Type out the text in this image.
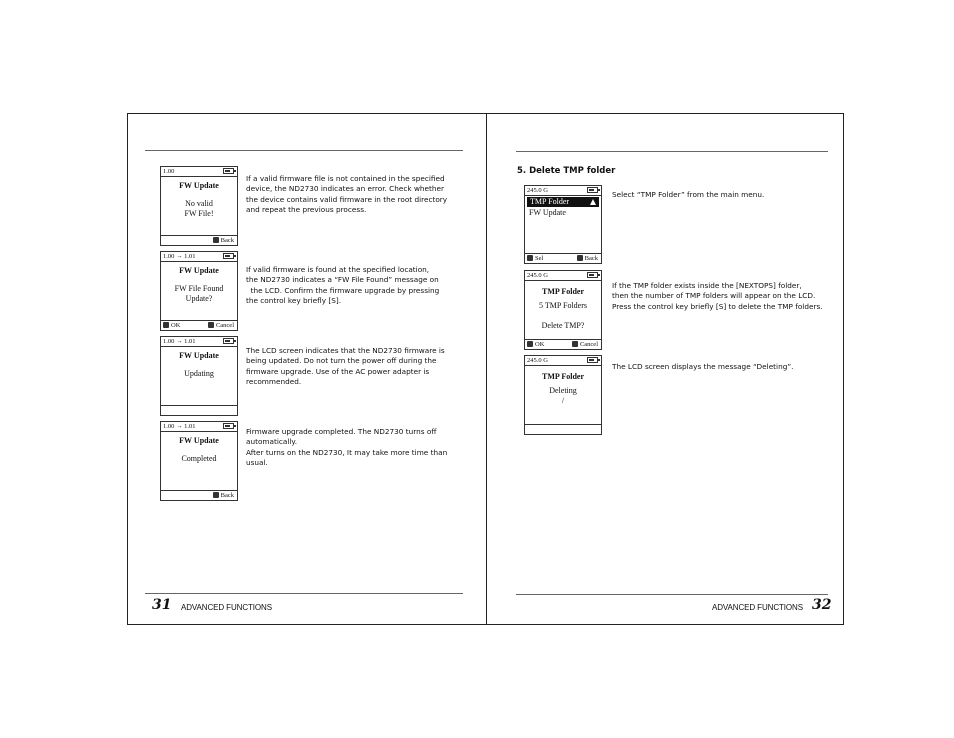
1.00
FW Update
No valid
FW File!
Back
If a valid firmware file is not contained in the specified
device, the ND2730 indicates an error. Check whether
the device contains valid firmware in the root directory
and repeat the previous process.
1.00 → 1.01
FW Update
FW File Found
Update?
OK	Cancel
If valid firmware is found at the specified location,
the ND2730 indicates a “FW File Found” message on
the LCD. Confirm the firmware upgrade by pressing
the control key briefly [S].
1.00 → 1.01
FW Update
Updating
The LCD screen indicates that the ND2730 firmware is
being updated. Do not turn the power off during the
firmware upgrade. Use of the AC power adapter is
recommended.
1.00 → 1.01
FW Update
Completed
Back
Firmware upgrade completed. The ND2730 turns off
automatically.
After turns on the ND2730, It may take more time than
usual.
31 ADVANCED FUNCTIONS
5. Delete TMP folder
245.0 G
TMP Folder
FW Update
Sel	Back
Select “TMP Folder” from the main menu.
245.0 G
TMP Folder
5 TMP Folders
Delete TMP?
OK	Cancel
If the TMP folder exists inside the [NEXTOPS] folder,
then the number of TMP folders will appear on the LCD.
Press the control key briefly [S] to delete the TMP folders.
245.0 G
TMP Folder
Deleting
/
The LCD screen displays the message “Deleting”.
ADVANCED FUNCTIONS 32
